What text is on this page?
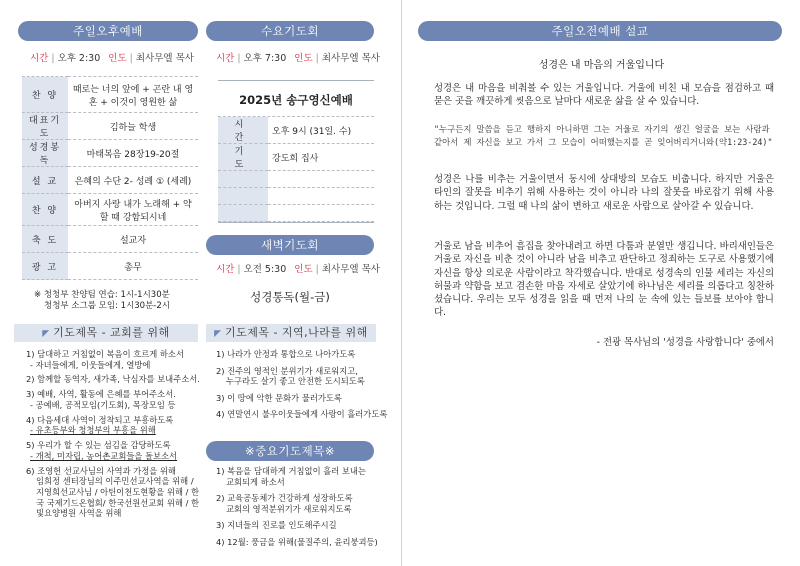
주일오후예배
시간 | 오후 2:30 인도 | 최사무엘 목사
찬 양	때로는 너의 앞에 + 곤란 내 영혼 + 이것이 영원한 삶
대표기도	김하늘 학생
성경봉독	마태복음 28장19-20절
설 교	은혜의 수단 2- 성례 ① (세례)
찬 양	아버지 사랑 내가 노래해 + 약할 때 강함되시네
축 도	설교자
광 고	총무
※ 청청부 찬양팀 연습: 1시-1시30분
청청부 소그룹 모임: 1시30분-2시
◤ 기도제목 - 교회를 위해
1) 담대하고 거침없이 복음이 흐르게 하소서
- 자녀들에게, 이웃들에게, 열방에
2) 함께할 동역자, 새가족, 낙심자를 보내주소서.
3) 예배, 사역, 활동에 은혜를 부어주소서.
- 공예배, 공적모임(기도회), 목장모임 등
4) 다음세대 사역이 정착되고 부흥하도록
- 유초등부와 청청부의 부흥을 위해
5) 우리가 할 수 있는 섬김을 감당하도록
- 개척, 미자립, 농어촌교회들을 돌보소서
6) 조영헌 선교사님의 사역과 가정을 위해
임희정 센터장님의 이주민선교사역을 위해 / 지영희선교사님 / 아틴이천도현황을 위해 / 한국 국제기드온협회/ 한국선원선교회 위해 / 한빛요양병원 사역을 위해
수요기도회
시간 | 오후 7:30 인도 | 최사무엘 목사
2025년 송구영신예배
시 간	오후 9시 (31일. 수)
기 도	강도희 집사

새벽기도회
시간 | 오전 5:30 인도 | 최사무엘 목사
성경통독(월-금)
◤ 기도제목 - 지역,나라를 위해
1) 나라가 안정과 통합으로 나아가도록
2) 진주의 영적인 분위기가 새로워지고,
누구라도 살기 좋고 안전한 도시되도록
3) 이 땅에 악한 문화가 물러가도록
4) 연말연시 불우이웃들에게 사랑이 흘러가도록
※중요기도제목※
1) 복음을 담대하게 거침없이 흘러 보내는
교회되게 하소서
2) 교육공동체가 건강하게 성장하도록
교회의 영적분위기가 새로워지도록
3) 지녀들의 진로를 인도해주시길
4) 12월: 풍금을 위해(물질주의, 윤리붕괴등)
주일오전예배 설교
성경은 내 마음의 거울입니다
성경은 내 마음을 비춰볼 수 있는 거울입니다. 거울에 비친 내 모습을 점검하고 때 묻은 곳을 깨끗하게 씻음으로 날마다 새로운 삶을 살 수 있습니다.
"누구든지 말씀을 듣고 행하지 아니하면 그는 거울로 자기의 생긴 얼굴을 보는 사람과 같아서 제 자신을 보고 가서 그 모습이 어떠했는지를 곧 잊어버리거니와(약1:23-24)"
성경은 나를 비추는 거울이면서 동시에 상대방의 모습도 비춥니다. 하지만 거울은 타인의 잘못을 비추기 위해 사용하는 것이 아니라 나의 잘못을 바로잡기 위해 사용하는 것입니다. 그럴 때 나의 삶이 변하고 새로운 사람으로 살아갈 수 있습니다.
거울로 남을 비추어 흠집을 찾아내려고 하면 다툼과 분열만 생깁니다. 바리새인들은 거울로 자신을 비춘 것이 아니라 남을 비추고 판단하고 정죄하는 도구로 사용했기에 자신을 항상 의로운 사람이라고 착각했습니다. 반대로 성경속의 인물 세리는 자신의 허물과 약함을 보고 겸손한 마음 자세로 살았기에 하나님은 세리를 의롭다고 칭찬하셨습니다. 우리는 모두 성경을 읽을 때 먼저 나의 눈 속에 있는 들보를 보아야 합니다.
- 전광 목사님의 '성경을 사랑합니다' 중에서
